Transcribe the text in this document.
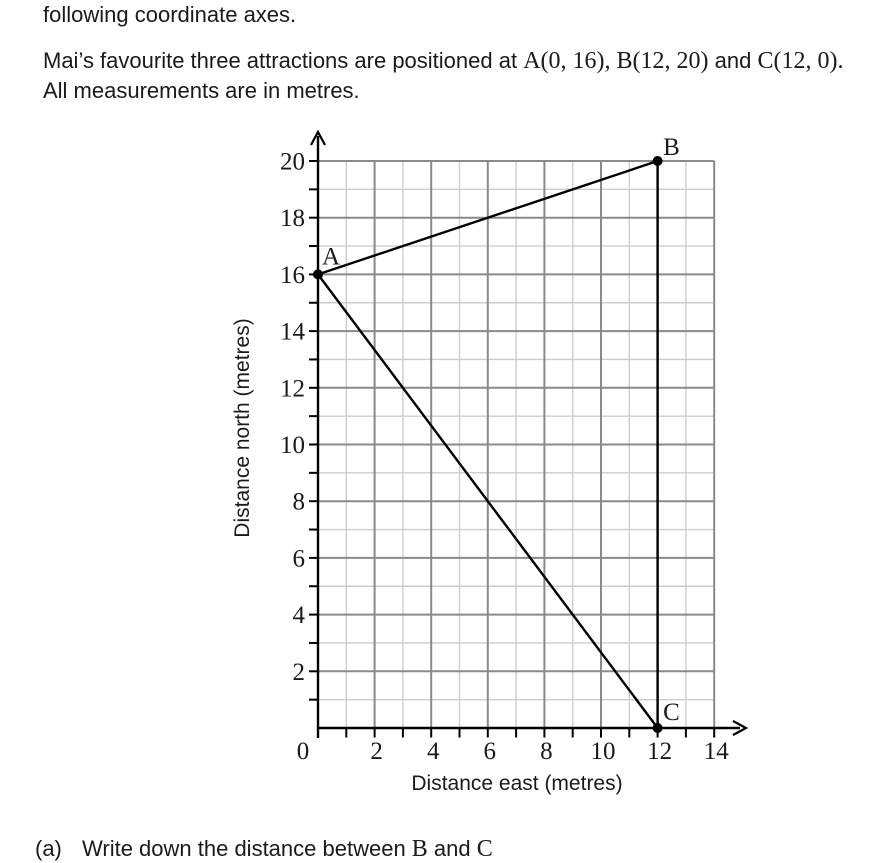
following coordinate axes.
Mai’s favourite three attractions are positioned at A(0, 16), B(12, 20) and C(12, 0).
All measurements are in metres.
A
B
C
0 2 4 6 8 10 12 14
2
4
6
8
10
12
14
16
18
20
Distance east (metres)
Distance north (metres)
(a) Write down the distance between B and C
